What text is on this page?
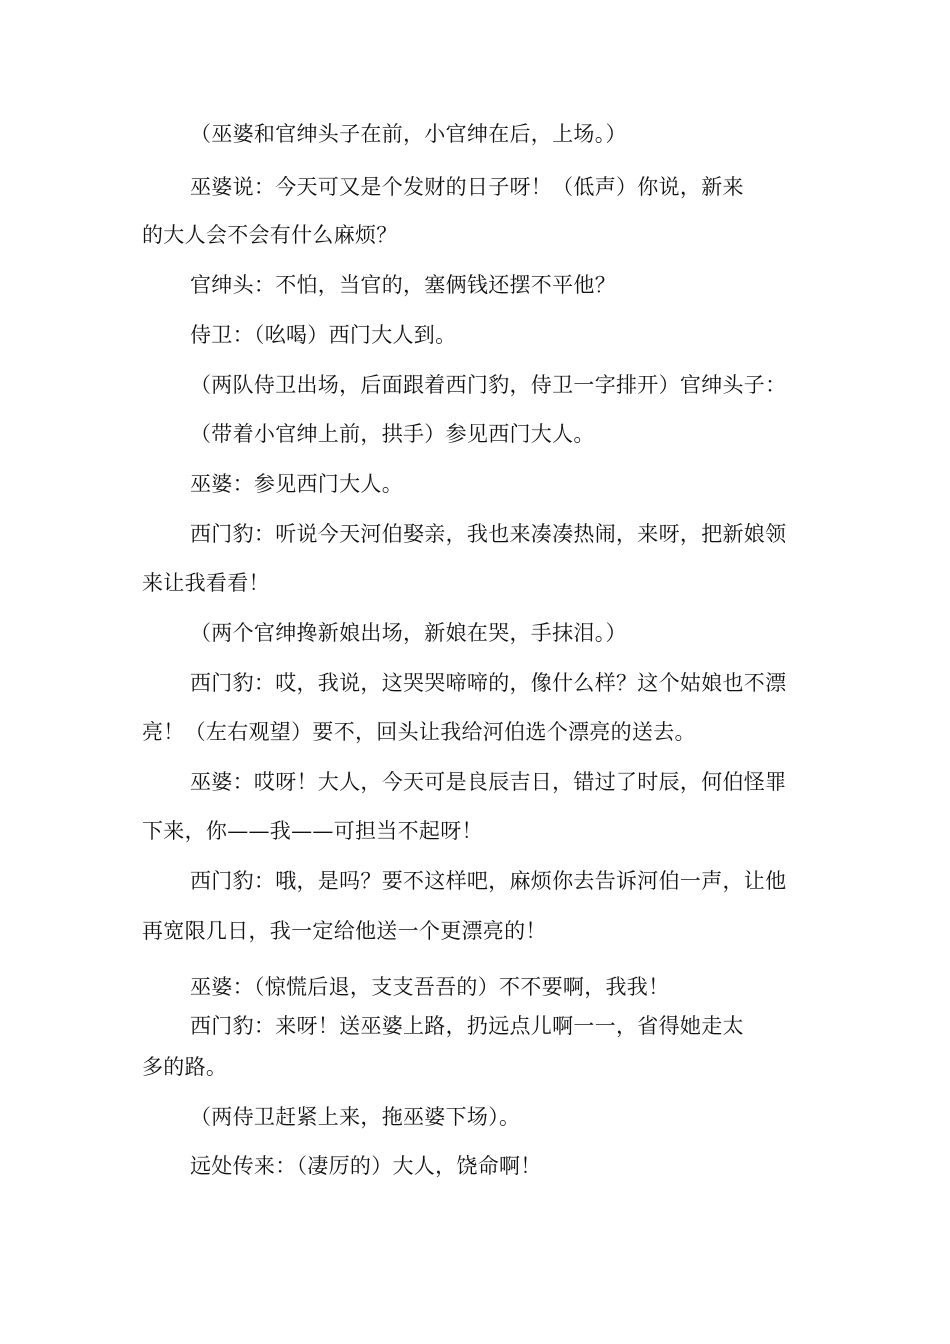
（巫婆和官绅头子在前，小官绅在后，上场。）
巫婆说：今天可又是个发财的日子呀！（低声）你说，新来
的大人会不会有什么麻烦？
官绅头：不怕，当官的，塞俩钱还摆不平他？
侍卫：（吆喝）西门大人到。
（两队侍卫出场，后面跟着西门豹，侍卫一字排开）官绅头子：
（带着小官绅上前，拱手）参见西门大人。
巫婆：参见西门大人。
西门豹：听说今天河伯娶亲，我也来凑凑热闹，来呀，把新娘领
来让我看看！
（两个官绅搀新娘出场，新娘在哭，手抹泪。）
西门豹：哎，我说，这哭哭啼啼的，像什么样？这个姑娘也不漂
亮！（左右观望）要不，回头让我给河伯选个漂亮的送去。
巫婆：哎呀！大人，今天可是良辰吉日，错过了时辰，何伯怪罪
下来，你——我——可担当不起呀！
西门豹：哦，是吗？要不这样吧，麻烦你去告诉河伯一声，让他
再宽限几日，我一定给他送一个更漂亮的！
巫婆：（惊慌后退，支支吾吾的）不不要啊，我我！
西门豹：来呀！送巫婆上路，扔远点儿啊一一，省得她走太
多的路。
（两侍卫赶紧上来，拖巫婆下场）。
远处传来：（凄厉的）大人，饶命啊！
